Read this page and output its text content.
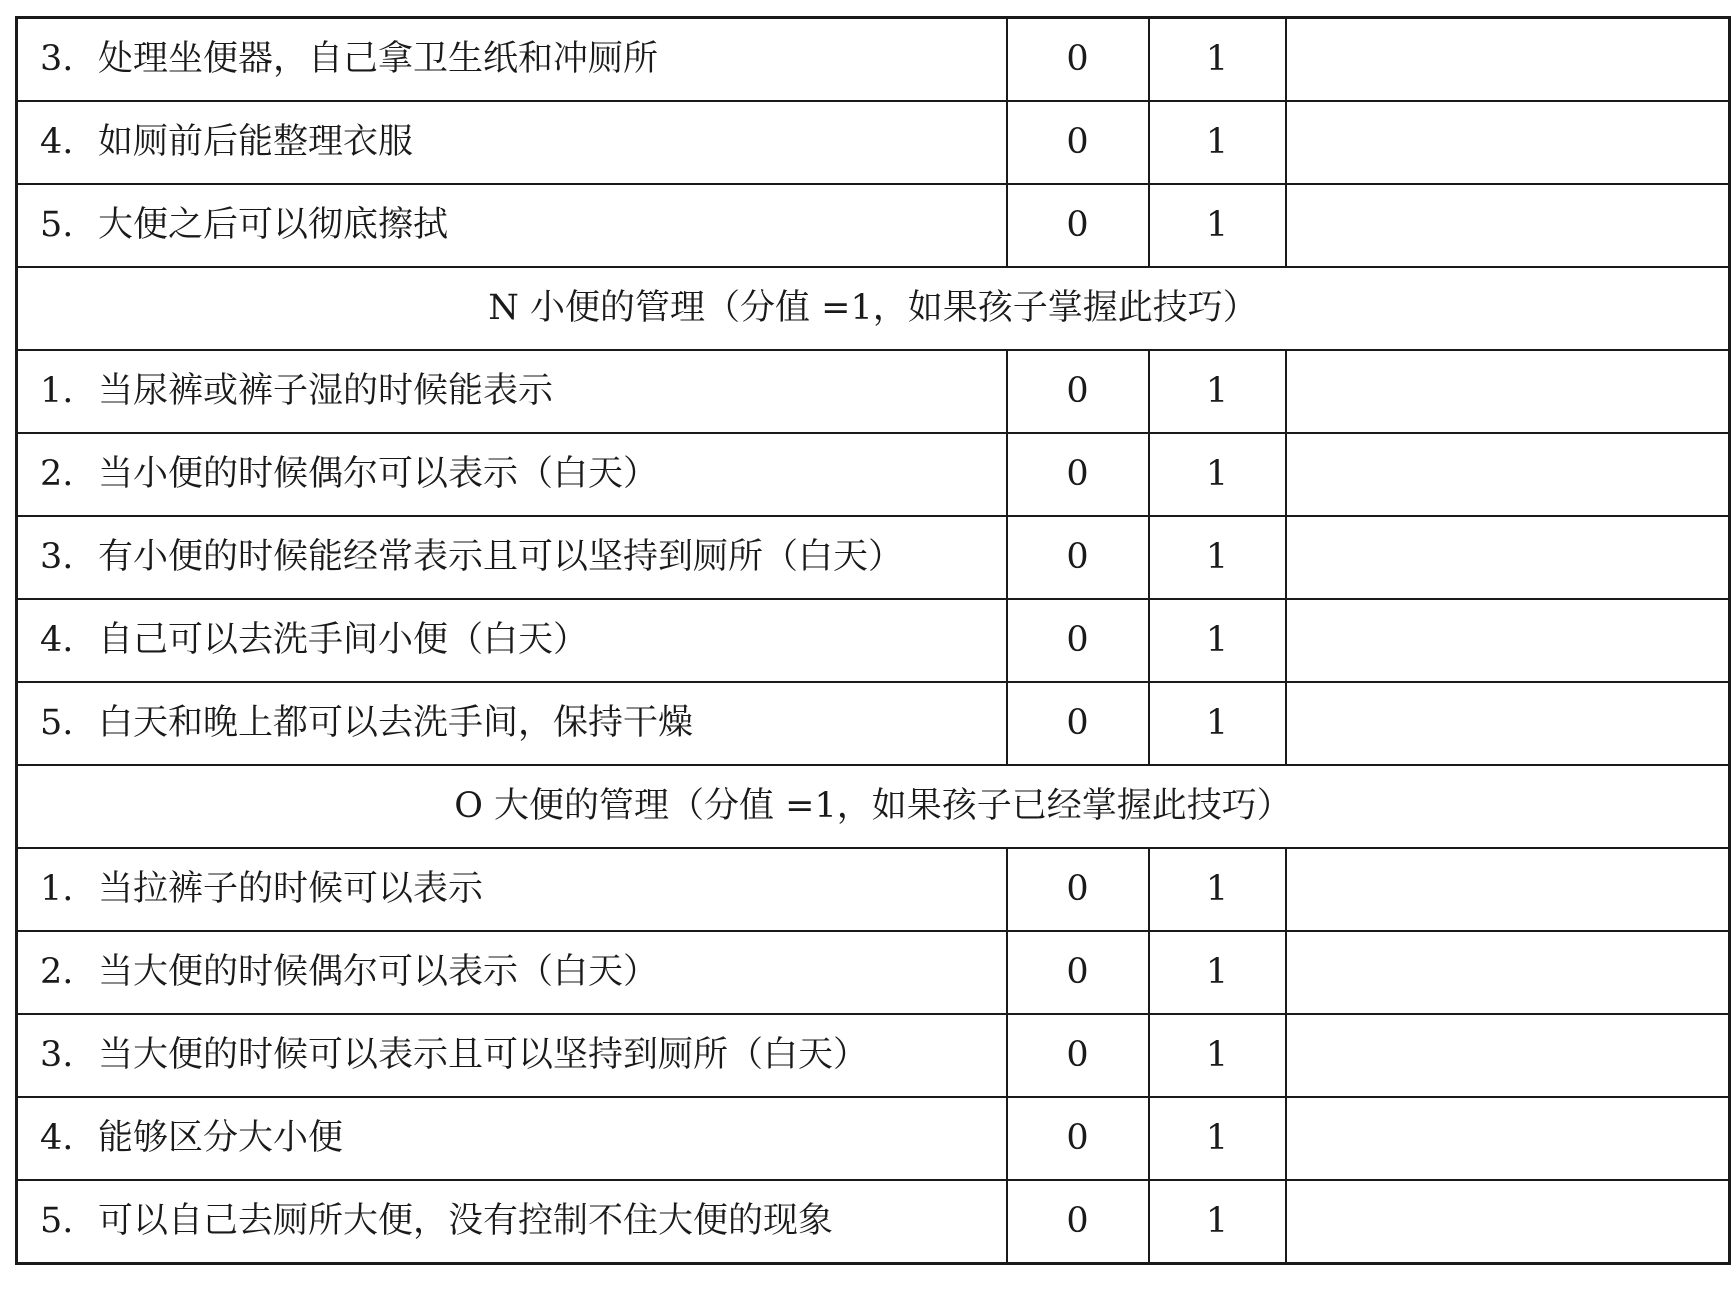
3. 处理坐便器，自己拿卫生纸和冲厕所	0	1	
4. 如厕前后能整理衣服	0	1	
5. 大便之后可以彻底擦拭	0	1	
N 小便的管理（分值 =1，如果孩子掌握此技巧）			
1. 当尿裤或裤子湿的时候能表示	0	1	
2. 当小便的时候偶尔可以表示（白天）	0	1	
3. 有小便的时候能经常表示且可以坚持到厕所（白天）	0	1	
4. 自己可以去洗手间小便（白天）	0	1	
5. 白天和晚上都可以去洗手间，保持干燥	0	1	
O 大便的管理（分值 =1，如果孩子已经掌握此技巧）			
1. 当拉裤子的时候可以表示	0	1	
2. 当大便的时候偶尔可以表示（白天）	0	1	
3. 当大便的时候可以表示且可以坚持到厕所（白天）	0	1	
4. 能够区分大小便	0	1	
5. 可以自己去厕所大便，没有控制不住大便的现象	0	1	
